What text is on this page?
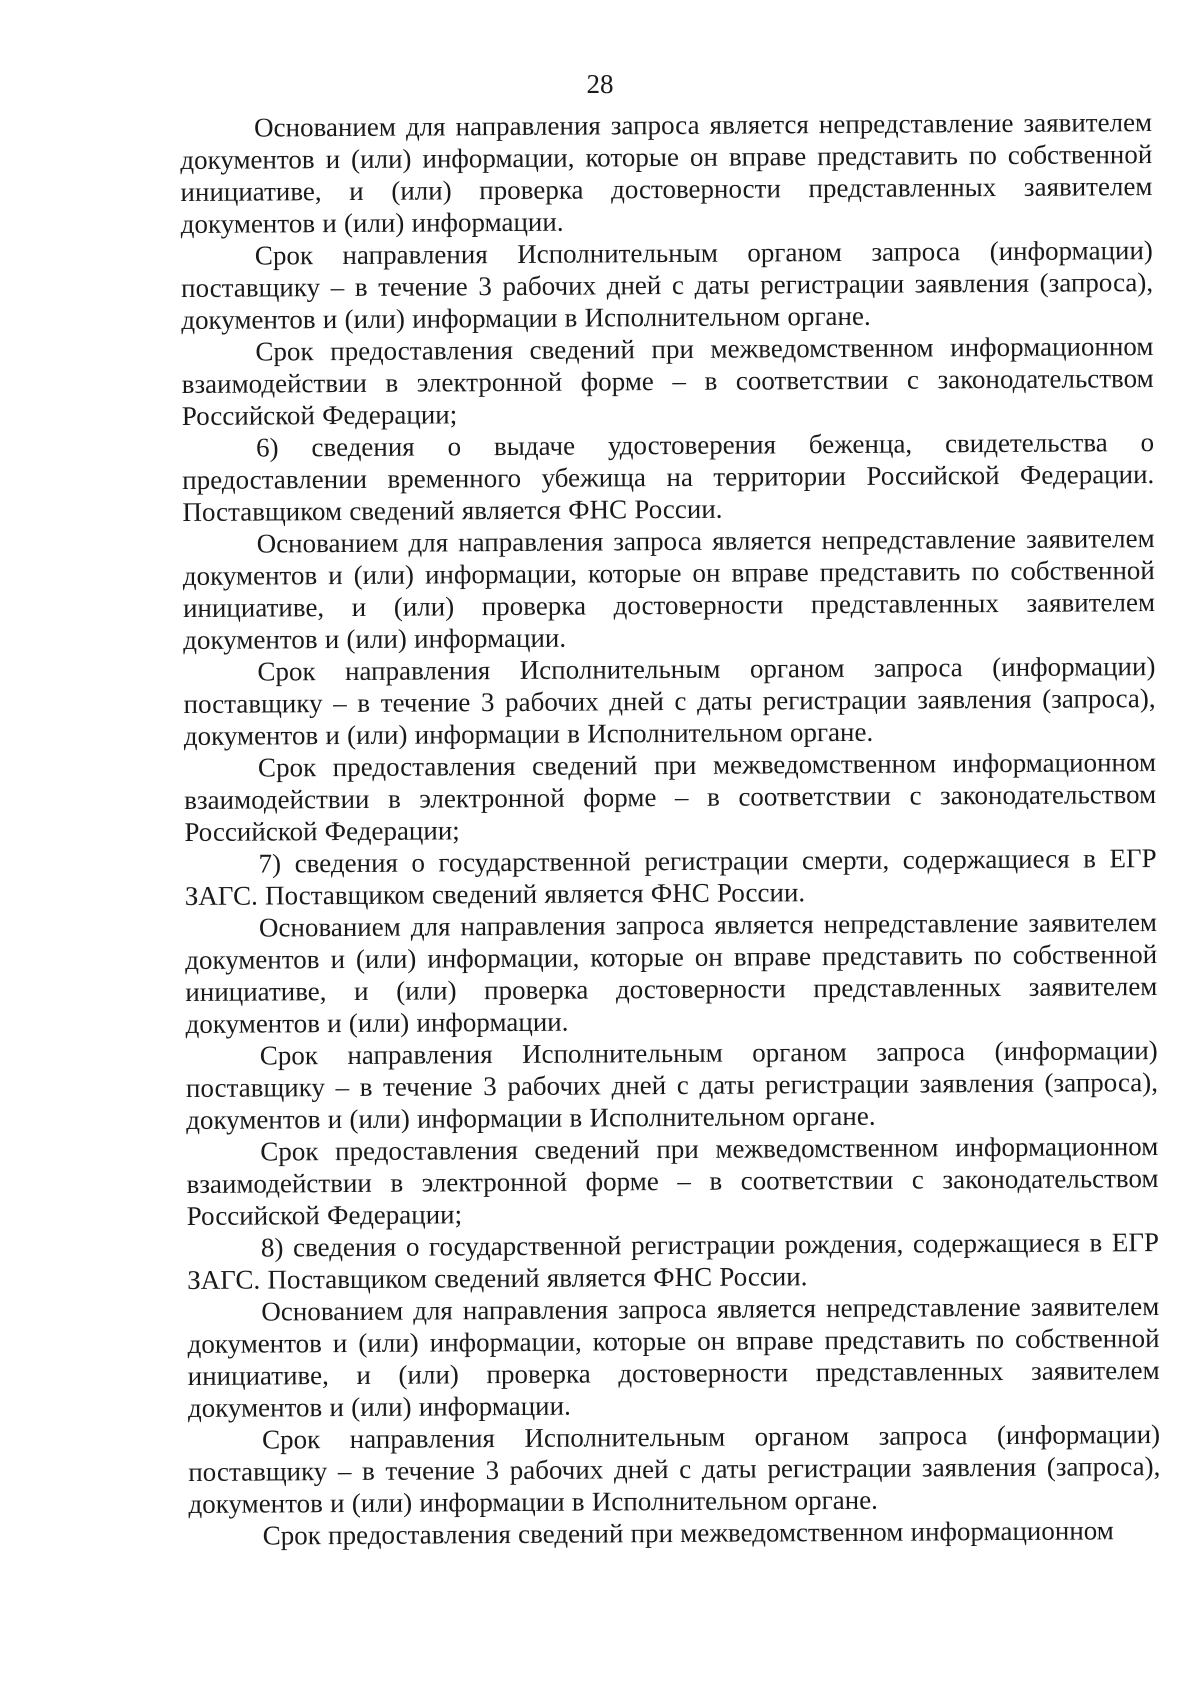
28

Основанием для направления запроса является непредставление заявителем документов и (или) информации, которые он вправе представить по собственной инициативе, и (или) проверка достоверности представленных заявителем документов и (или) информации.

Срок направления Исполнительным органом запроса (информации) поставщику – в течение 3 рабочих дней с даты регистрации заявления (запроса), документов и (или) информации в Исполнительном органе.

Срок предоставления сведений при межведомственном информационном взаимодействии в электронной форме – в соответствии с законодательством Российской Федерации;

6) сведения о выдаче удостоверения беженца, свидетельства о предоставлении временного убежища на территории Российской Федерации. Поставщиком сведений является ФНС России.

Основанием для направления запроса является непредставление заявителем документов и (или) информации, которые он вправе представить по собственной инициативе, и (или) проверка достоверности представленных заявителем документов и (или) информации.

Срок направления Исполнительным органом запроса (информации) поставщику – в течение 3 рабочих дней с даты регистрации заявления (запроса), документов и (или) информации в Исполнительном органе.

Срок предоставления сведений при межведомственном информационном взаимодействии в электронной форме – в соответствии с законодательством Российской Федерации;

7) сведения о государственной регистрации смерти, содержащиеся в ЕГР ЗАГС. Поставщиком сведений является ФНС России.

Основанием для направления запроса является непредставление заявителем документов и (или) информации, которые он вправе представить по собственной инициативе, и (или) проверка достоверности представленных заявителем документов и (или) информации.

Срок направления Исполнительным органом запроса (информации) поставщику – в течение 3 рабочих дней с даты регистрации заявления (запроса), документов и (или) информации в Исполнительном органе.

Срок предоставления сведений при межведомственном информационном взаимодействии в электронной форме – в соответствии с законодательством Российской Федерации;

8) сведения о государственной регистрации рождения, содержащиеся в ЕГР ЗАГС. Поставщиком сведений является ФНС России.

Основанием для направления запроса является непредставление заявителем документов и (или) информации, которые он вправе представить по собственной инициативе, и (или) проверка достоверности представленных заявителем документов и (или) информации.

Срок направления Исполнительным органом запроса (информации) поставщику – в течение 3 рабочих дней с даты регистрации заявления (запроса), документов и (или) информации в Исполнительном органе.

Срок предоставления сведений при межведомственном информационном
